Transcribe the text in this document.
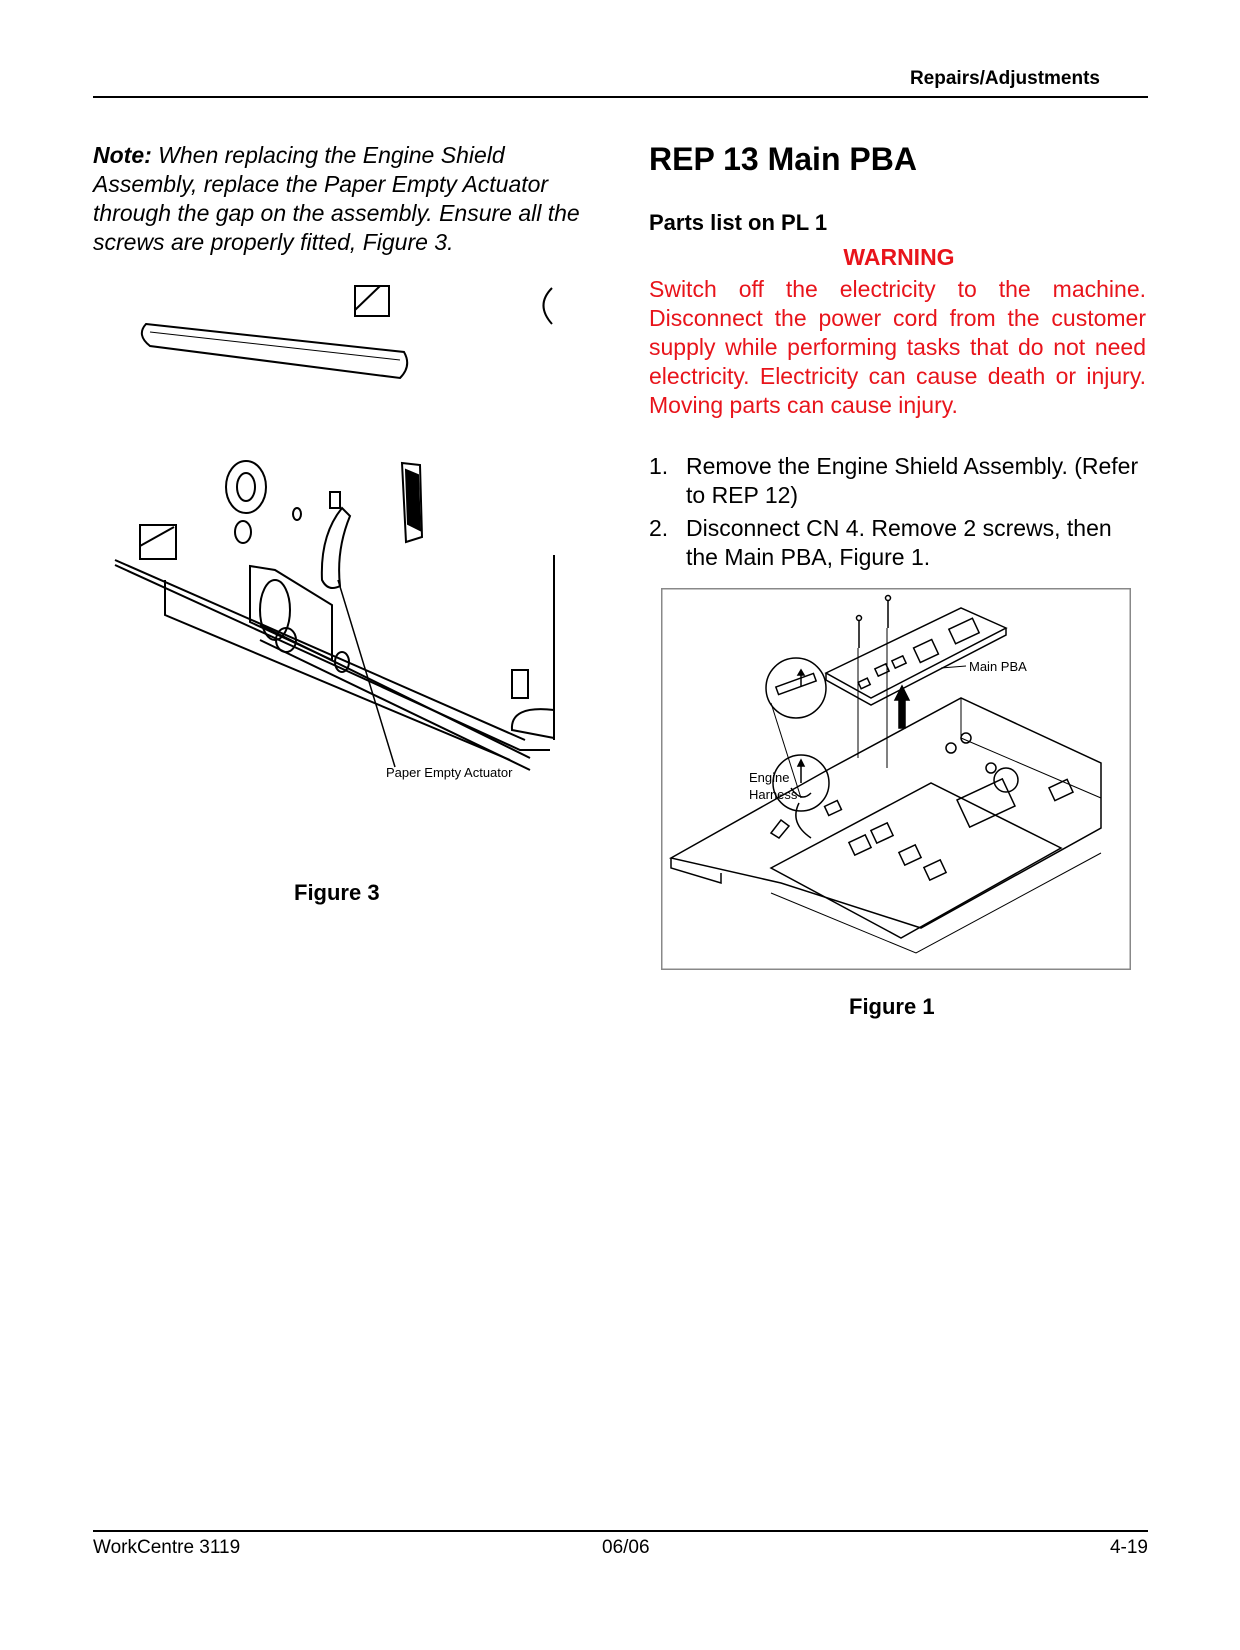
Repairs/Adjustments
Note: When replacing the Engine Shield Assembly, replace the Paper Empty Actuator through the gap on the assembly. Ensure all the screws are properly fitted, Figure 3.
Paper Empty Actuator
Figure 3
REP 13 Main PBA
Parts list on PL 1
WARNING
Switch off the electricity to the machine. Disconnect the power cord from the customer supply while performing tasks that do not need electricity. Electricity can cause death or injury. Moving parts can cause injury.
1. Remove the Engine Shield Assembly. (Refer to REP 12)
2. Disconnect CN 4. Remove 2 screws, then the Main PBA, Figure 1.
Main PBA
Engine
Harness
Figure 1
WorkCentre 3119	06/06	4-19
